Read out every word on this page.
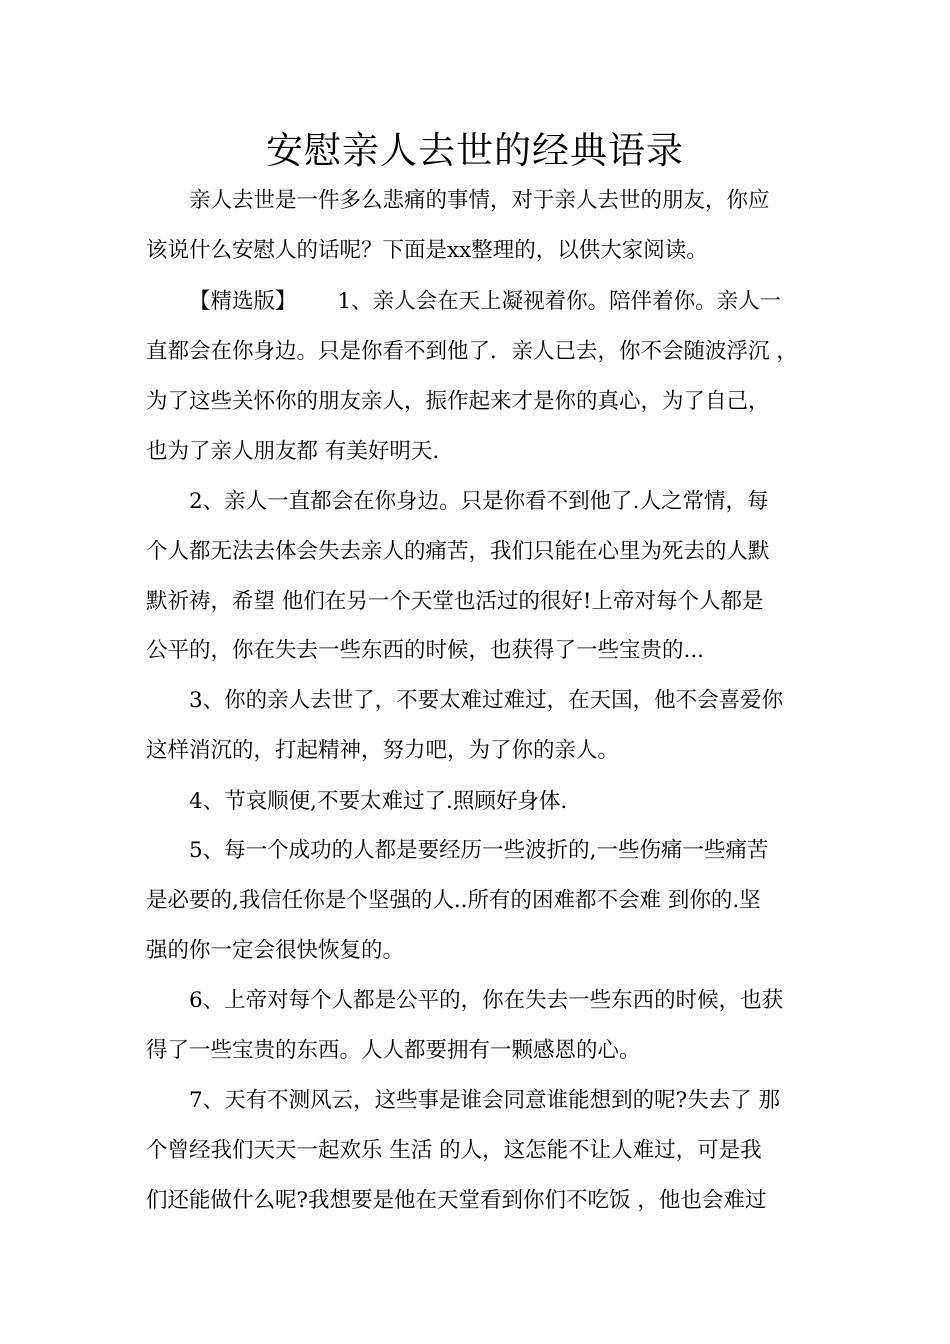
安慰亲人去世的经典语录
亲人去世是一件多么悲痛的事情，对于亲人去世的朋友，你应
该说什么安慰人的话呢？下面是xx整理的，以供大家阅读。
【精选版】      1、亲人会在天上凝视着你。陪伴着你。亲人一
直都会在你身边。只是你看不到他了．亲人已去，你不会随波浮沉 ，
为了这些关怀你的朋友亲人，振作起来才是你的真心，为了自己，
也为了亲人朋友都 有美好明天.
2、亲人一直都会在你身边。只是你看不到他了.人之常情，每
个人都无法去体会失去亲人的痛苦，我们只能在心里为死去的人默
默祈祷，希望 他们在另一个天堂也活过的很好!上帝对每个人都是
公平的，你在失去一些东西的时候，也获得了一些宝贵的...
3、你的亲人去世了，不要太难过难过，在天国，他不会喜爱你
这样消沉的，打起精神，努力吧，为了你的亲人。
4、节哀顺便,不要太难过了.照顾好身体.
5、每一个成功的人都是要经历一些波折的,一些伤痛一些痛苦
是必要的,我信任你是个坚强的人..所有的困难都不会难 到你的.坚
强的你一定会很快恢复的。
6、上帝对每个人都是公平的，你在失去一些东西的时候，也获
得了一些宝贵的东西。人人都要拥有一颗感恩的心。
7、天有不测风云，这些事是谁会同意谁能想到的呢?失去了 那
个曾经我们天天一起欢乐 生活 的人，这怎能不让人难过，可是我
们还能做什么呢?我想要是他在天堂看到你们不吃饭 ，他也会难过
